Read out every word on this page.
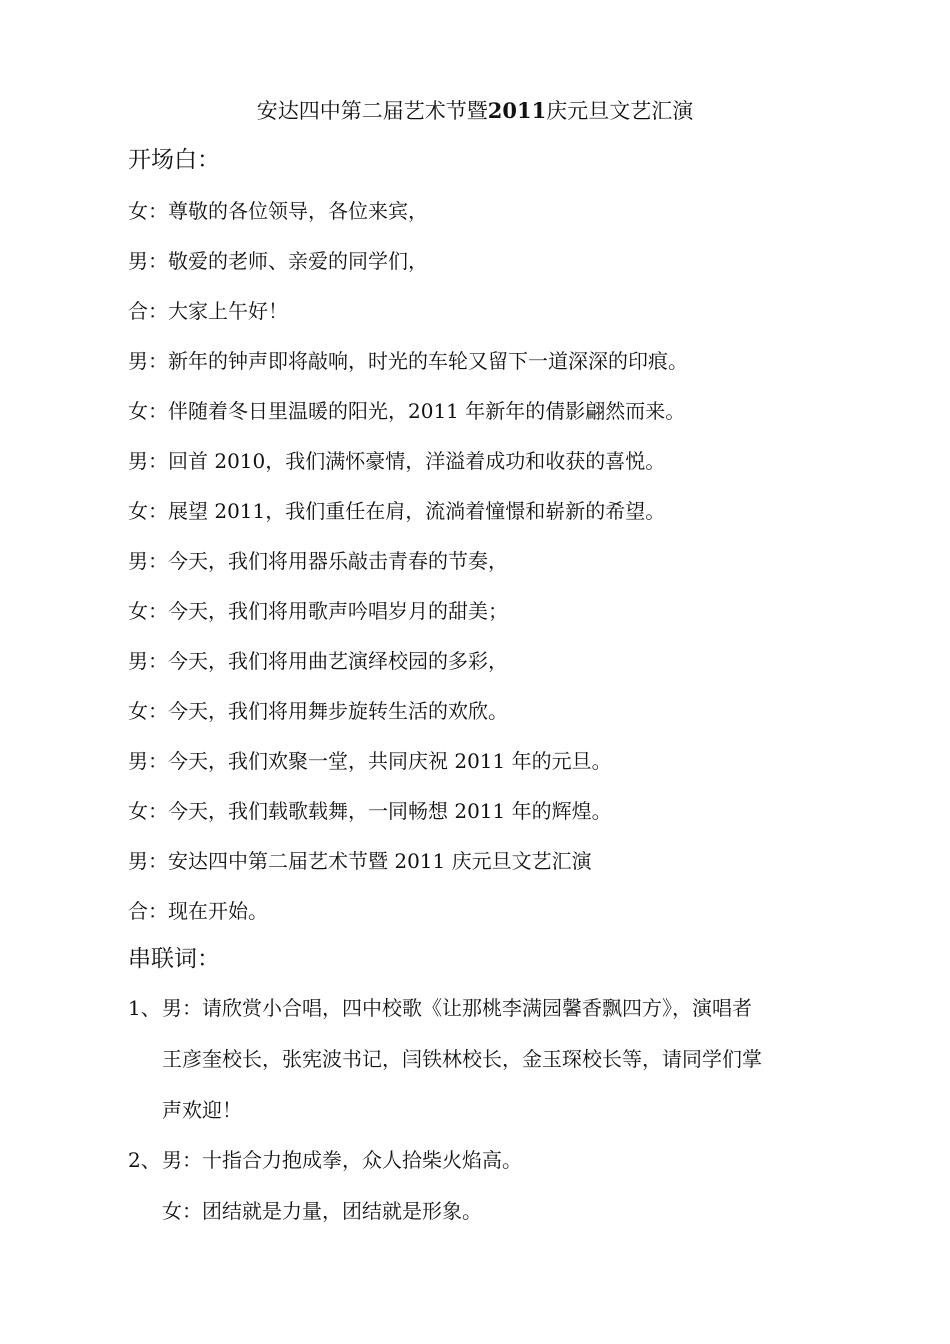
安达四中第二届艺术节暨2011庆元旦文艺汇演
开场白：
女：尊敬的各位领导，各位来宾，
男：敬爱的老师、亲爱的同学们，
合：大家上午好！
男：新年的钟声即将敲响，时光的车轮又留下一道深深的印痕。
女：伴随着冬日里温暖的阳光，2011 年新年的倩影翩然而来。
男：回首 2010，我们满怀豪情，洋溢着成功和收获的喜悦。
女：展望 2011，我们重任在肩，流淌着憧憬和崭新的希望。
男：今天，我们将用器乐敲击青春的节奏，
女：今天，我们将用歌声吟唱岁月的甜美；
男：今天，我们将用曲艺演绎校园的多彩，
女：今天，我们将用舞步旋转生活的欢欣。
男：今天，我们欢聚一堂，共同庆祝 2011 年的元旦。
女：今天，我们载歌载舞，一同畅想 2011 年的辉煌。
男：安达四中第二届艺术节暨 2011 庆元旦文艺汇演
合：现在开始。
串联词：
1、 男：请欣赏小合唱，四中校歌《让那桃李满园馨香飘四方》，演唱者
王彦奎校长，张宪波书记，闫铁林校长，金玉琛校长等，请同学们掌
声欢迎！
2、 男：十指合力抱成拳，众人拾柴火焰高。
女：团结就是力量，团结就是形象。
